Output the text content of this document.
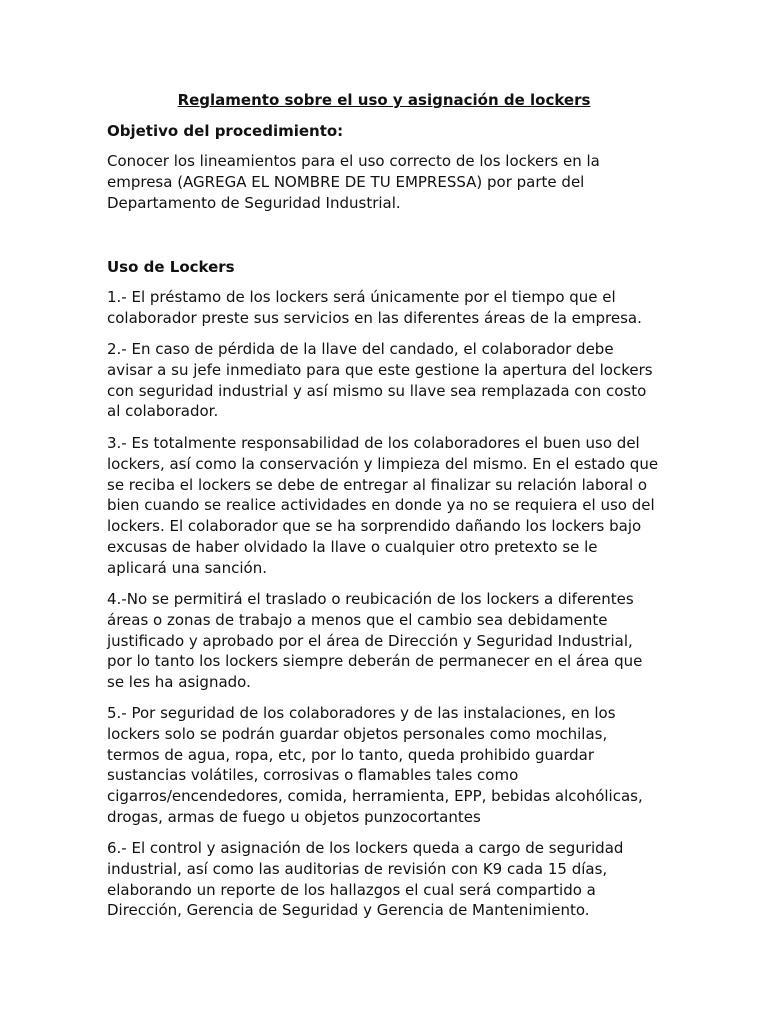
Reglamento sobre el uso y asignación de lockers
Objetivo del procedimiento:
Conocer los lineamientos para el uso correcto de los lockers en la
empresa (AGREGA EL NOMBRE DE TU EMPRESSA) por parte del
Departamento de Seguridad Industrial.
Uso de Lockers
1.- El préstamo de los lockers será únicamente por el tiempo que el
colaborador preste sus servicios en las diferentes áreas de la empresa.
2.- En caso de pérdida de la llave del candado, el colaborador debe
avisar a su jefe inmediato para que este gestione la apertura del lockers
con seguridad industrial y así mismo su llave sea remplazada con costo
al colaborador.
3.- Es totalmente responsabilidad de los colaboradores el buen uso del
lockers, así como la conservación y limpieza del mismo. En el estado que
se reciba el lockers se debe de entregar al finalizar su relación laboral o
bien cuando se realice actividades en donde ya no se requiera el uso del
lockers. El colaborador que se ha sorprendido dañando los lockers bajo
excusas de haber olvidado la llave o cualquier otro pretexto se le
aplicará una sanción.
4.-No se permitirá el traslado o reubicación de los lockers a diferentes
áreas o zonas de trabajo a menos que el cambio sea debidamente
justificado y aprobado por el área de Dirección y Seguridad Industrial,
por lo tanto los lockers siempre deberán de permanecer en el área que
se les ha asignado.
5.- Por seguridad de los colaboradores y de las instalaciones, en los
lockers solo se podrán guardar objetos personales como mochilas,
termos de agua, ropa, etc, por lo tanto, queda prohibido guardar
sustancias volátiles, corrosivas o flamables tales como
cigarros/encendedores, comida, herramienta, EPP, bebidas alcohólicas,
drogas, armas de fuego u objetos punzocortantes
6.- El control y asignación de los lockers queda a cargo de seguridad
industrial, así como las auditorias de revisión con K9 cada 15 días,
elaborando un reporte de los hallazgos el cual será compartido a
Dirección, Gerencia de Seguridad y Gerencia de Mantenimiento.
